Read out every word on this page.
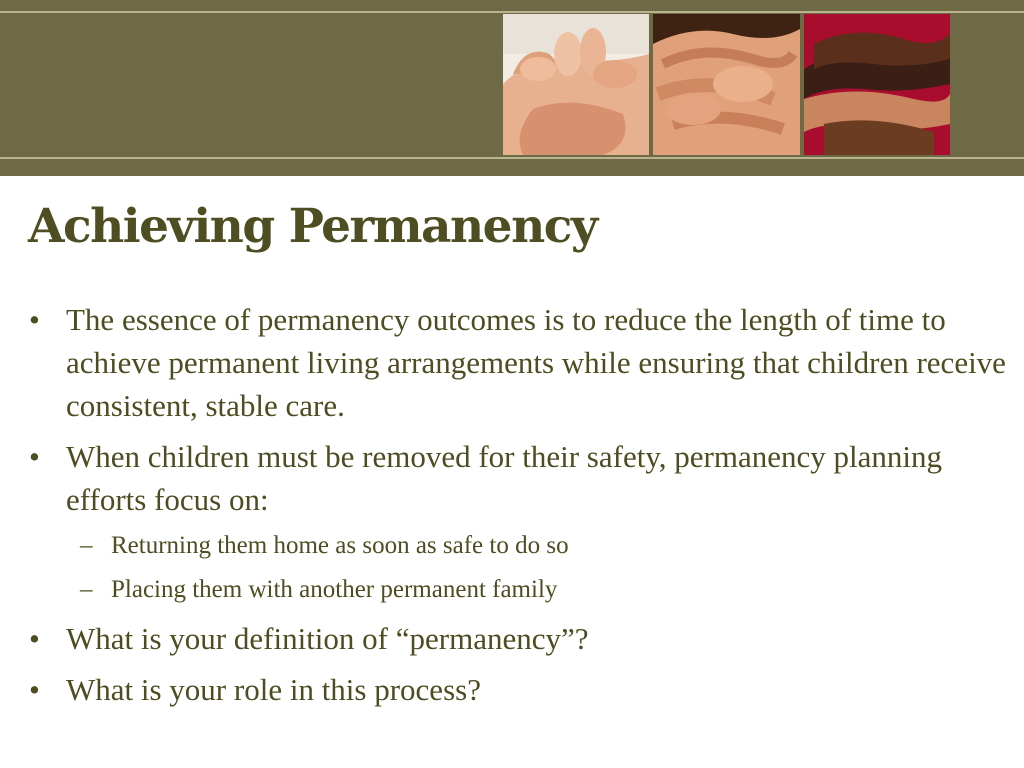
Achieving Permanency
• The essence of permanency outcomes is to reduce the length of time to achieve permanent living arrangements while ensuring that children receive consistent, stable care.
• When children must be removed for their safety, permanency planning efforts focus on:
– Returning them home as soon as safe to do so
– Placing them with another permanent family
• What is your definition of “permanency”?
• What is your role in this process?
